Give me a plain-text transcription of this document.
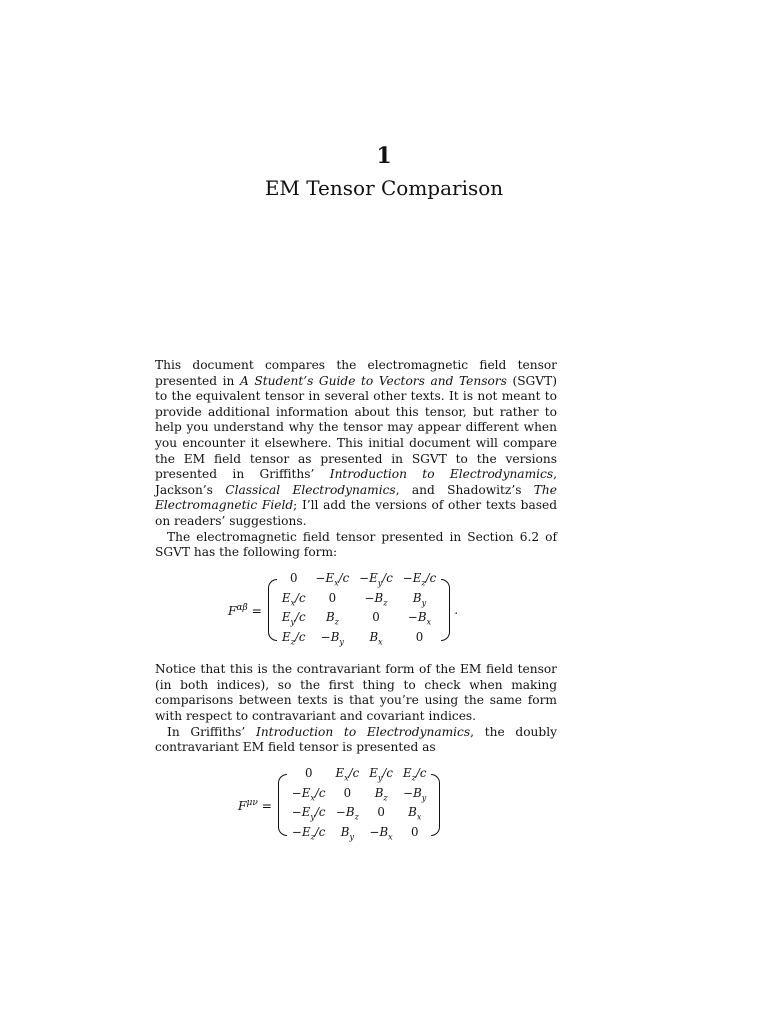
1
EM Tensor Comparison

This document compares the electromagnetic field tensor presented in A Student’s Guide to Vectors and Tensors (SGVT) to the equivalent tensor in several other texts. It is not meant to provide additional information about this tensor, but rather to help you understand why the tensor may appear different when you encounter it elsewhere. This initial document will compare the EM field tensor as presented in SGVT to the versions presented in Griffiths’ Introduction to Electrodynamics, Jackson’s Classical Electrodynamics, and Shadowitz’s The Electromagnetic Field; I’ll add the versions of other texts based on readers’ suggestions.

The electromagnetic field tensor presented in Section 6.2 of SGVT has the following form:

$F^{\alpha\beta}$ =
0	$-E_x/c$	$-E_y/c$	$-E_z/c$
$E_x/c$	0	$-B_z$	$B_y$
$E_y/c$	$B_z$	0	$-B_x$
$E_z/c$	$-B_y$	$B_x$	0
.

Notice that this is the contravariant form of the EM field tensor (in both indices), so the first thing to check when making comparisons between texts is that you’re using the same form with respect to contravariant and covariant indices.

In Griffiths’ Introduction to Electrodynamics, the doubly contravariant EM field tensor is presented as

$F^{\mu\nu}$ =
0	$E_x/c$	$E_y/c$	$E_z/c$
$-E_x/c$	0	$B_z$	$-B_y$
$-E_y/c$	$-B_z$	0	$B_x$
$-E_z/c$	$B_y$	$-B_x$	0
